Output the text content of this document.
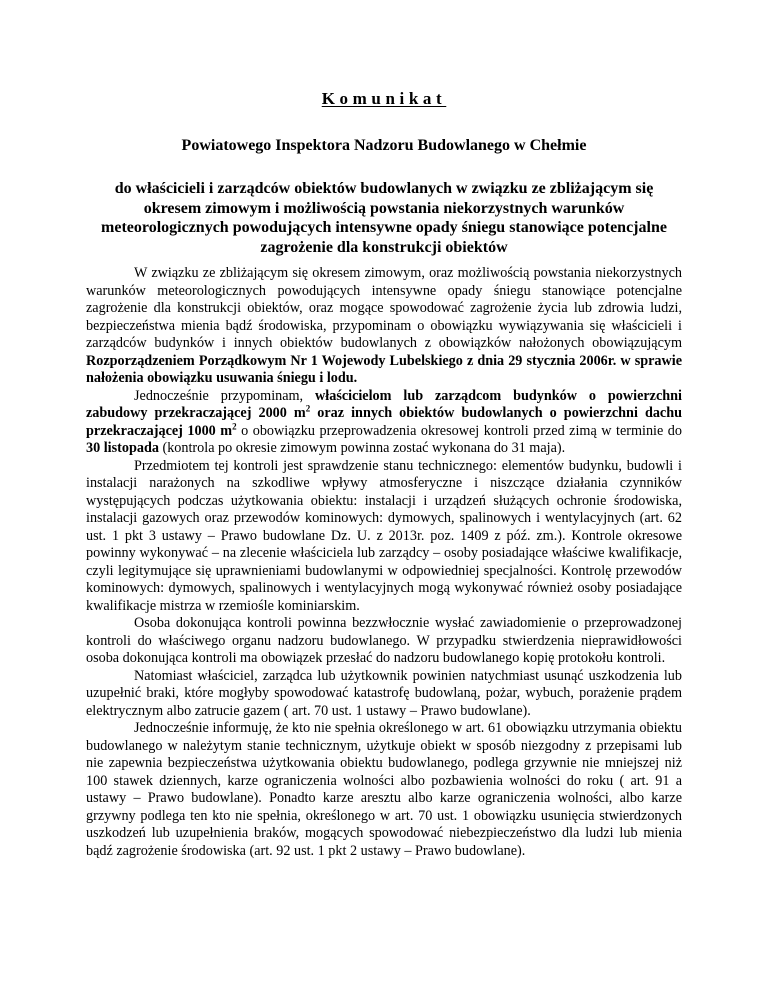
Komunikat
Powiatowego Inspektora Nadzoru Budowlanego w Chełmie
do właścicieli i zarządców obiektów budowlanych w związku ze zbliżającym się okresem zimowym i możliwością powstania niekorzystnych warunków meteorologicznych powodujących intensywne opady śniegu stanowiące potencjalne zagrożenie dla konstrukcji obiektów

W związku ze zbliżającym się okresem zimowym, oraz możliwością powstania niekorzystnych warunków meteorologicznych powodujących intensywne opady śniegu stanowiące potencjalne zagrożenie dla konstrukcji obiektów, oraz mogące spowodować zagrożenie życia lub zdrowia ludzi, bezpieczeństwa mienia bądź środowiska, przypominam o obowiązku wywiązywania się właścicieli i zarządców budynków i innych obiektów budowlanych z obowiązków nałożonych obowiązującym Rozporządzeniem Porządkowym Nr 1 Wojewody Lubelskiego z dnia 29 stycznia 2006r. w sprawie nałożenia obowiązku usuwania śniegu i lodu.

Jednocześnie przypominam, właścicielom lub zarządcom budynków o powierzchni zabudowy przekraczającej 2000 $m^2$ oraz innych obiektów budowlanych o powierzchni dachu przekraczającej 1000 $m^2$ o obowiązku przeprowadzenia okresowej kontroli przed zimą w terminie do 30 listopada (kontrola po okresie zimowym powinna zostać wykonana do 31 maja).

Przedmiotem tej kontroli jest sprawdzenie stanu technicznego: elementów budynku, budowli i instalacji narażonych na szkodliwe wpływy atmosferyczne i niszczące działania czynników występujących podczas użytkowania obiektu: instalacji i urządzeń służących ochronie środowiska, instalacji gazowych oraz przewodów kominowych: dymowych, spalinowych i wentylacyjnych (art. 62 ust. 1 pkt 3 ustawy – Prawo budowlane Dz. U. z 2013r. poz. 1409 z póź. zm.). Kontrole okresowe powinny wykonywać – na zlecenie właściciela lub zarządcy – osoby posiadające właściwe kwalifikacje, czyli legitymujące się uprawnieniami budowlanymi w odpowiedniej specjalności. Kontrolę przewodów kominowych: dymowych, spalinowych i wentylacyjnych mogą wykonywać również osoby posiadające kwalifikacje mistrza w rzemiośle kominiarskim.

Osoba dokonująca kontroli powinna bezzwłocznie wysłać zawiadomienie o przeprowadzonej kontroli do właściwego organu nadzoru budowlanego. W przypadku stwierdzenia nieprawidłowości osoba dokonująca kontroli ma obowiązek przesłać do nadzoru budowlanego kopię protokołu kontroli.

Natomiast właściciel, zarządca lub użytkownik powinien natychmiast usunąć uszkodzenia lub uzupełnić braki, które mogłyby spowodować katastrofę budowlaną, pożar, wybuch, porażenie prądem elektrycznym albo zatrucie gazem ( art. 70 ust. 1 ustawy – Prawo budowlane).

Jednocześnie informuję, że kto nie spełnia określonego w art. 61 obowiązku utrzymania obiektu budowlanego w należytym stanie technicznym, użytkuje obiekt w sposób niezgodny z przepisami lub nie zapewnia bezpieczeństwa użytkowania obiektu budowlanego, podlega grzywnie nie mniejszej niż 100 stawek dziennych, karze ograniczenia wolności albo pozbawienia wolności do roku ( art. 91 a ustawy – Prawo budowlane). Ponadto karze aresztu albo karze ograniczenia wolności, albo karze grzywny podlega ten kto nie spełnia, określonego w art. 70 ust. 1 obowiązku usunięcia stwierdzonych uszkodzeń lub uzupełnienia braków, mogących spowodować niebezpieczeństwo dla ludzi lub mienia bądź zagrożenie środowiska (art. 92 ust. 1 pkt 2 ustawy – Prawo budowlane).
